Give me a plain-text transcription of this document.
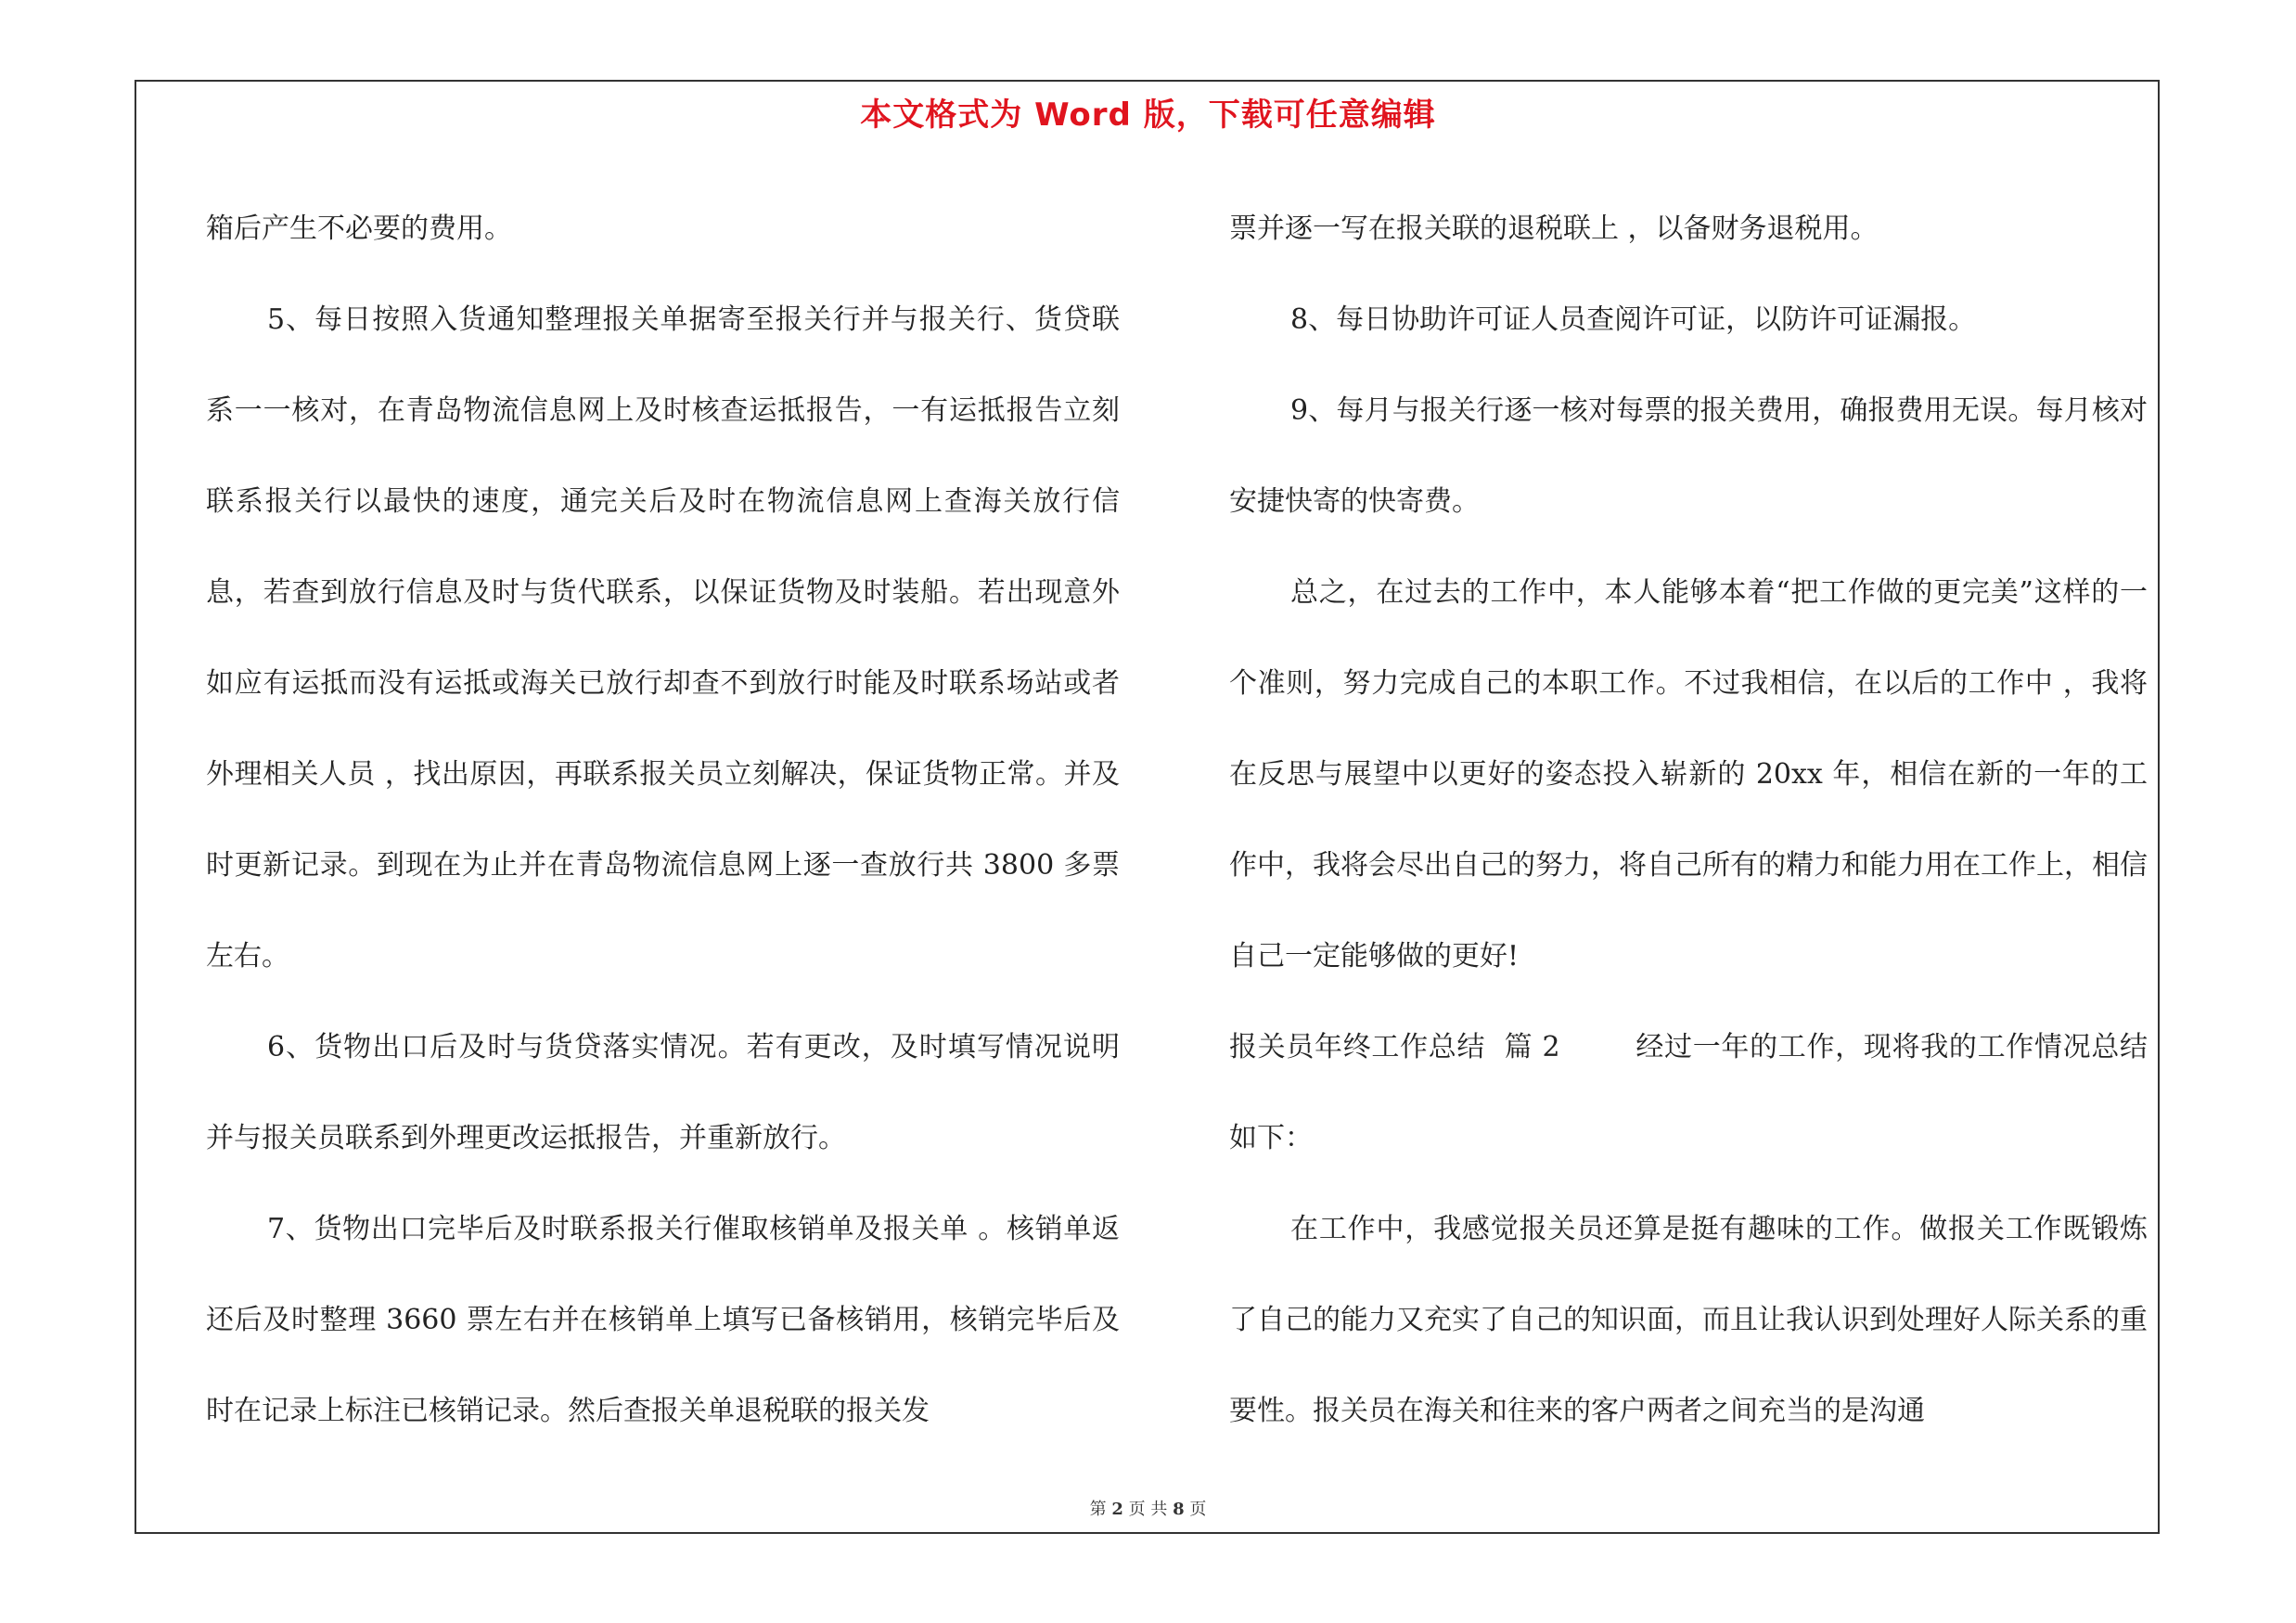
本文格式为 Word 版，下载可任意编辑

箱后产生不必要的费用。

5、每日按照入货通知整理报关单据寄至报关行并与报关行、货贷联系一一核对，在青岛物流信息网上及时核查运抵报告，一有运抵报告立刻联系报关行以最快的速度，通完关后及时在物流信息网上查海关放行信息，若查到放行信息及时与货代联系，以保证货物及时装船。若出现意外如应有运抵而没有运抵或海关已放行却查不到放行时能及时联系场站或者外理相关人员 ，找出原因，再联系报关员立刻解决，保证货物正常。并及时更新记录。到现在为止并在青岛物流信息网上逐一查放行共 3800 多票左右。

6、货物出口后及时与货贷落实情况。若有更改，及时填写情况说明并与报关员联系到外理更改运抵报告，并重新放行。

7、货物出口完毕后及时联系报关行催取核销单及报关单 。核销单返还后及时整理 3660 票左右并在核销单上填写已备核销用，核销完毕后及时在记录上标注已核销记录。然后查报关单退税联的报关发

票并逐一写在报关联的退税联上 ，以备财务退税用。

8、每日协助许可证人员查阅许可证，以防许可证漏报。

9、每月与报关行逐一核对每票的报关费用，确报费用无误。每月核对安捷快寄的快寄费。

总之，在过去的工作中，本人能够本着“把工作做的更完美”这样的一个准则，努力完成自己的本职工作。不过我相信，在以后的工作中 ，我将在反思与展望中以更好的姿态投入崭新的 20xx 年，相信在新的一年的工作中，我将会尽出自己的努力，将自己所有的精力和能力用在工作上，相信自己一定能够做的更好!

报关员年终工作总结  篇 2        经过一年的工作，现将我的工作情况总结如下：

在工作中，我感觉报关员还算是挺有趣味的工作。做报关工作既锻炼了自己的能力又充实了自己的知识面，而且让我认识到处理好人际关系的重要性。报关员在海关和往来的客户两者之间充当的是沟通

第 2 页 共 8 页
